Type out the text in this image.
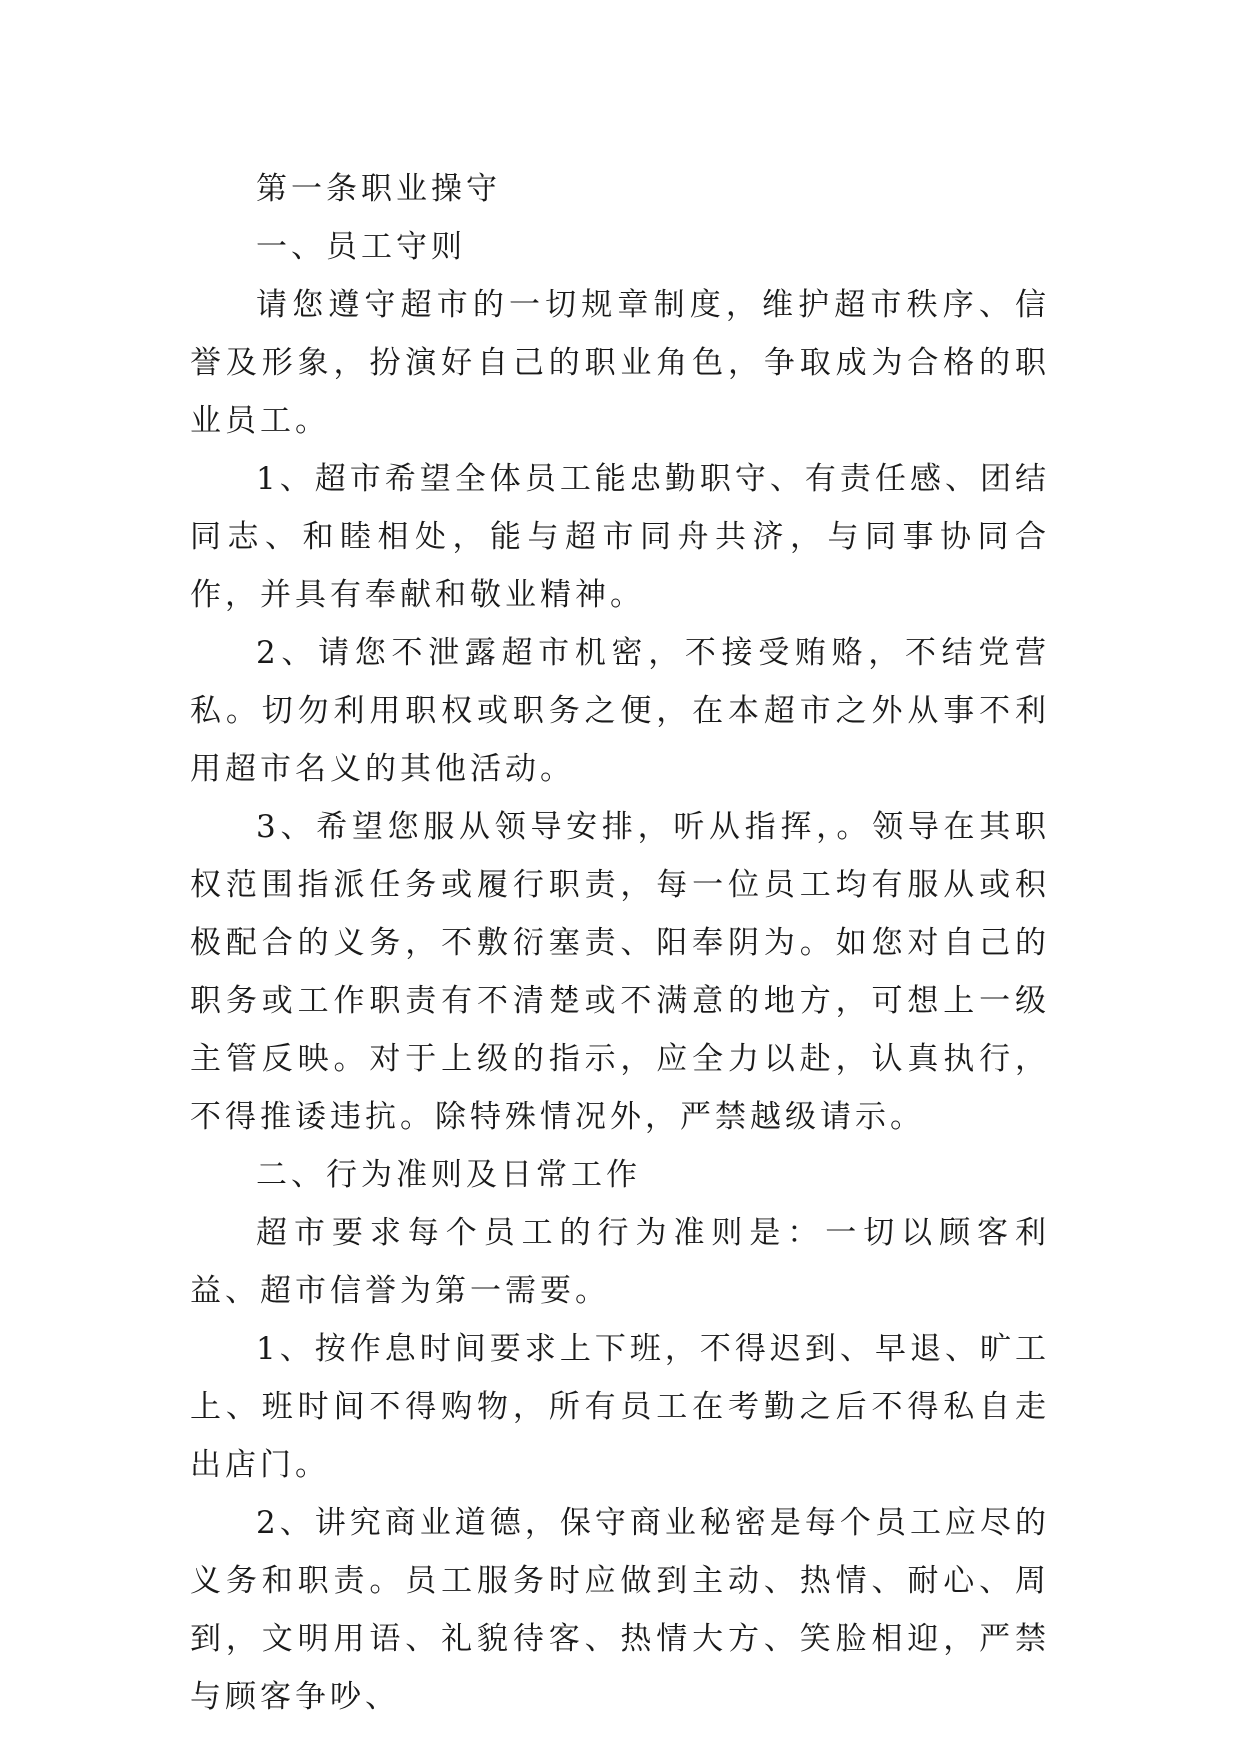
第一条职业操守

一、员工守则

请您遵守超市的一切规章制度，维护超市秩序、信誉及形象，扮演好自己的职业角色，争取成为合格的职业员工。

1、超市希望全体员工能忠勤职守、有责任感、团结同志、和睦相处，能与超市同舟共济，与同事协同合作，并具有奉献和敬业精神。

2、请您不泄露超市机密，不接受贿赂，不结党营私。切勿利用职权或职务之便，在本超市之外从事不利用超市名义的其他活动。

3、希望您服从领导安排，听从指挥，。领导在其职权范围指派任务或履行职责，每一位员工均有服从或积极配合的义务，不敷衍塞责、阳奉阴为。如您对自己的职务或工作职责有不清楚或不满意的地方，可想上一级主管反映。对于上级的指示，应全力以赴，认真执行，不得推诿违抗。除特殊情况外，严禁越级请示。

二、行为准则及日常工作

超市要求每个员工的行为准则是：一切以顾客利益、超市信誉为第一需要。

1、按作息时间要求上下班，不得迟到、早退、旷工上、班时间不得购物，所有员工在考勤之后不得私自走出店门。

2、讲究商业道德，保守商业秘密是每个员工应尽的义务和职责。员工服务时应做到主动、热情、耐心、周到，文明用语、礼貌待客、热情大方、笑脸相迎，严禁与顾客争吵、
